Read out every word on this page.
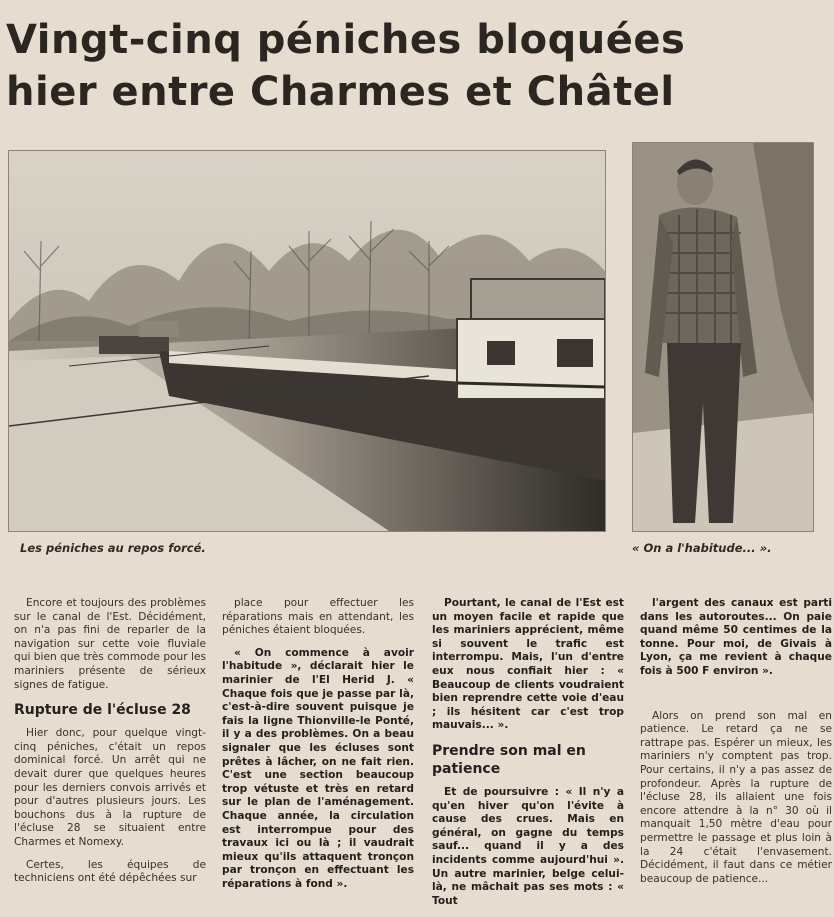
Vingt-cinq péniches bloquées
hier entre Charmes et Châtel
Les péniches au repos forcé.	« On a l'habitude... ».

Encore et toujours des problèmes sur le canal de l'Est. Décidément, on n'a pas fini de reparler de la navigation sur cette voie fluviale qui bien que très commode pour les mariniers présente de sérieux signes de fatigue.

Rupture de l'écluse 28

Hier donc, pour quelque vingt-cinq péniches, c'était un repos dominical forcé. Un arrêt qui ne devait durer que quelques heures pour les derniers convois arrivés et pour d'autres plusieurs jours. Les bouchons dus à la rupture de l'écluse 28 se situaient entre Charmes et Nomexy.

Certes, les équipes de techniciens ont été dépêchées sur

place pour effectuer les réparations mais en attendant, les péniches étaient bloquées.

« On commence à avoir l'habitude », déclarait hier le marinier de l'El Herid J. « Chaque fois que je passe par là, c'est-à-dire souvent puisque je fais la ligne Thionville-le Ponté, il y a des problèmes. On a beau signaler que les écluses sont prêtes à lâcher, on ne fait rien. C'est une section beaucoup trop vétuste et très en retard sur le plan de l'aménagement. Chaque année, la circulation est interrompue pour des travaux ici ou là ; il vaudrait mieux qu'ils attaquent tronçon par tronçon en effectuant les réparations à fond ».

Pourtant, le canal de l'Est est un moyen facile et rapide que les mariniers apprécient, même si souvent le trafic est interrompu. Mais, l'un d'entre eux nous confiait hier : « Beaucoup de clients voudraient bien reprendre cette voie d'eau ; ils hésitent car c'est trop mauvais... ».

Prendre son mal en patience

Et de poursuivre : « Il n'y a qu'en hiver qu'on l'évite à cause des crues. Mais en général, on gagne du temps sauf... quand il y a des incidents comme aujourd'hui ». Un autre marinier, belge celui-là, ne mâchait pas ses mots : « Tout

l'argent des canaux est parti dans les autoroutes... On paie quand même 50 centimes de la tonne. Pour moi, de Givais à Lyon, ça me revient à chaque fois à 500 F environ ».

Alors on prend son mal en patience. Le retard ça ne se rattrape pas. Espérer un mieux, les mariniers n'y comptent pas trop. Pour certains, il n'y a pas assez de profondeur. Après la rupture de l'écluse 28, ils allaient une fois encore attendre à la n° 30 où il manquait 1,50 mètre d'eau pour permettre le passage et plus loin à la 24 c'était l'envasement. Décidément, il faut dans ce métier beaucoup de patience...
